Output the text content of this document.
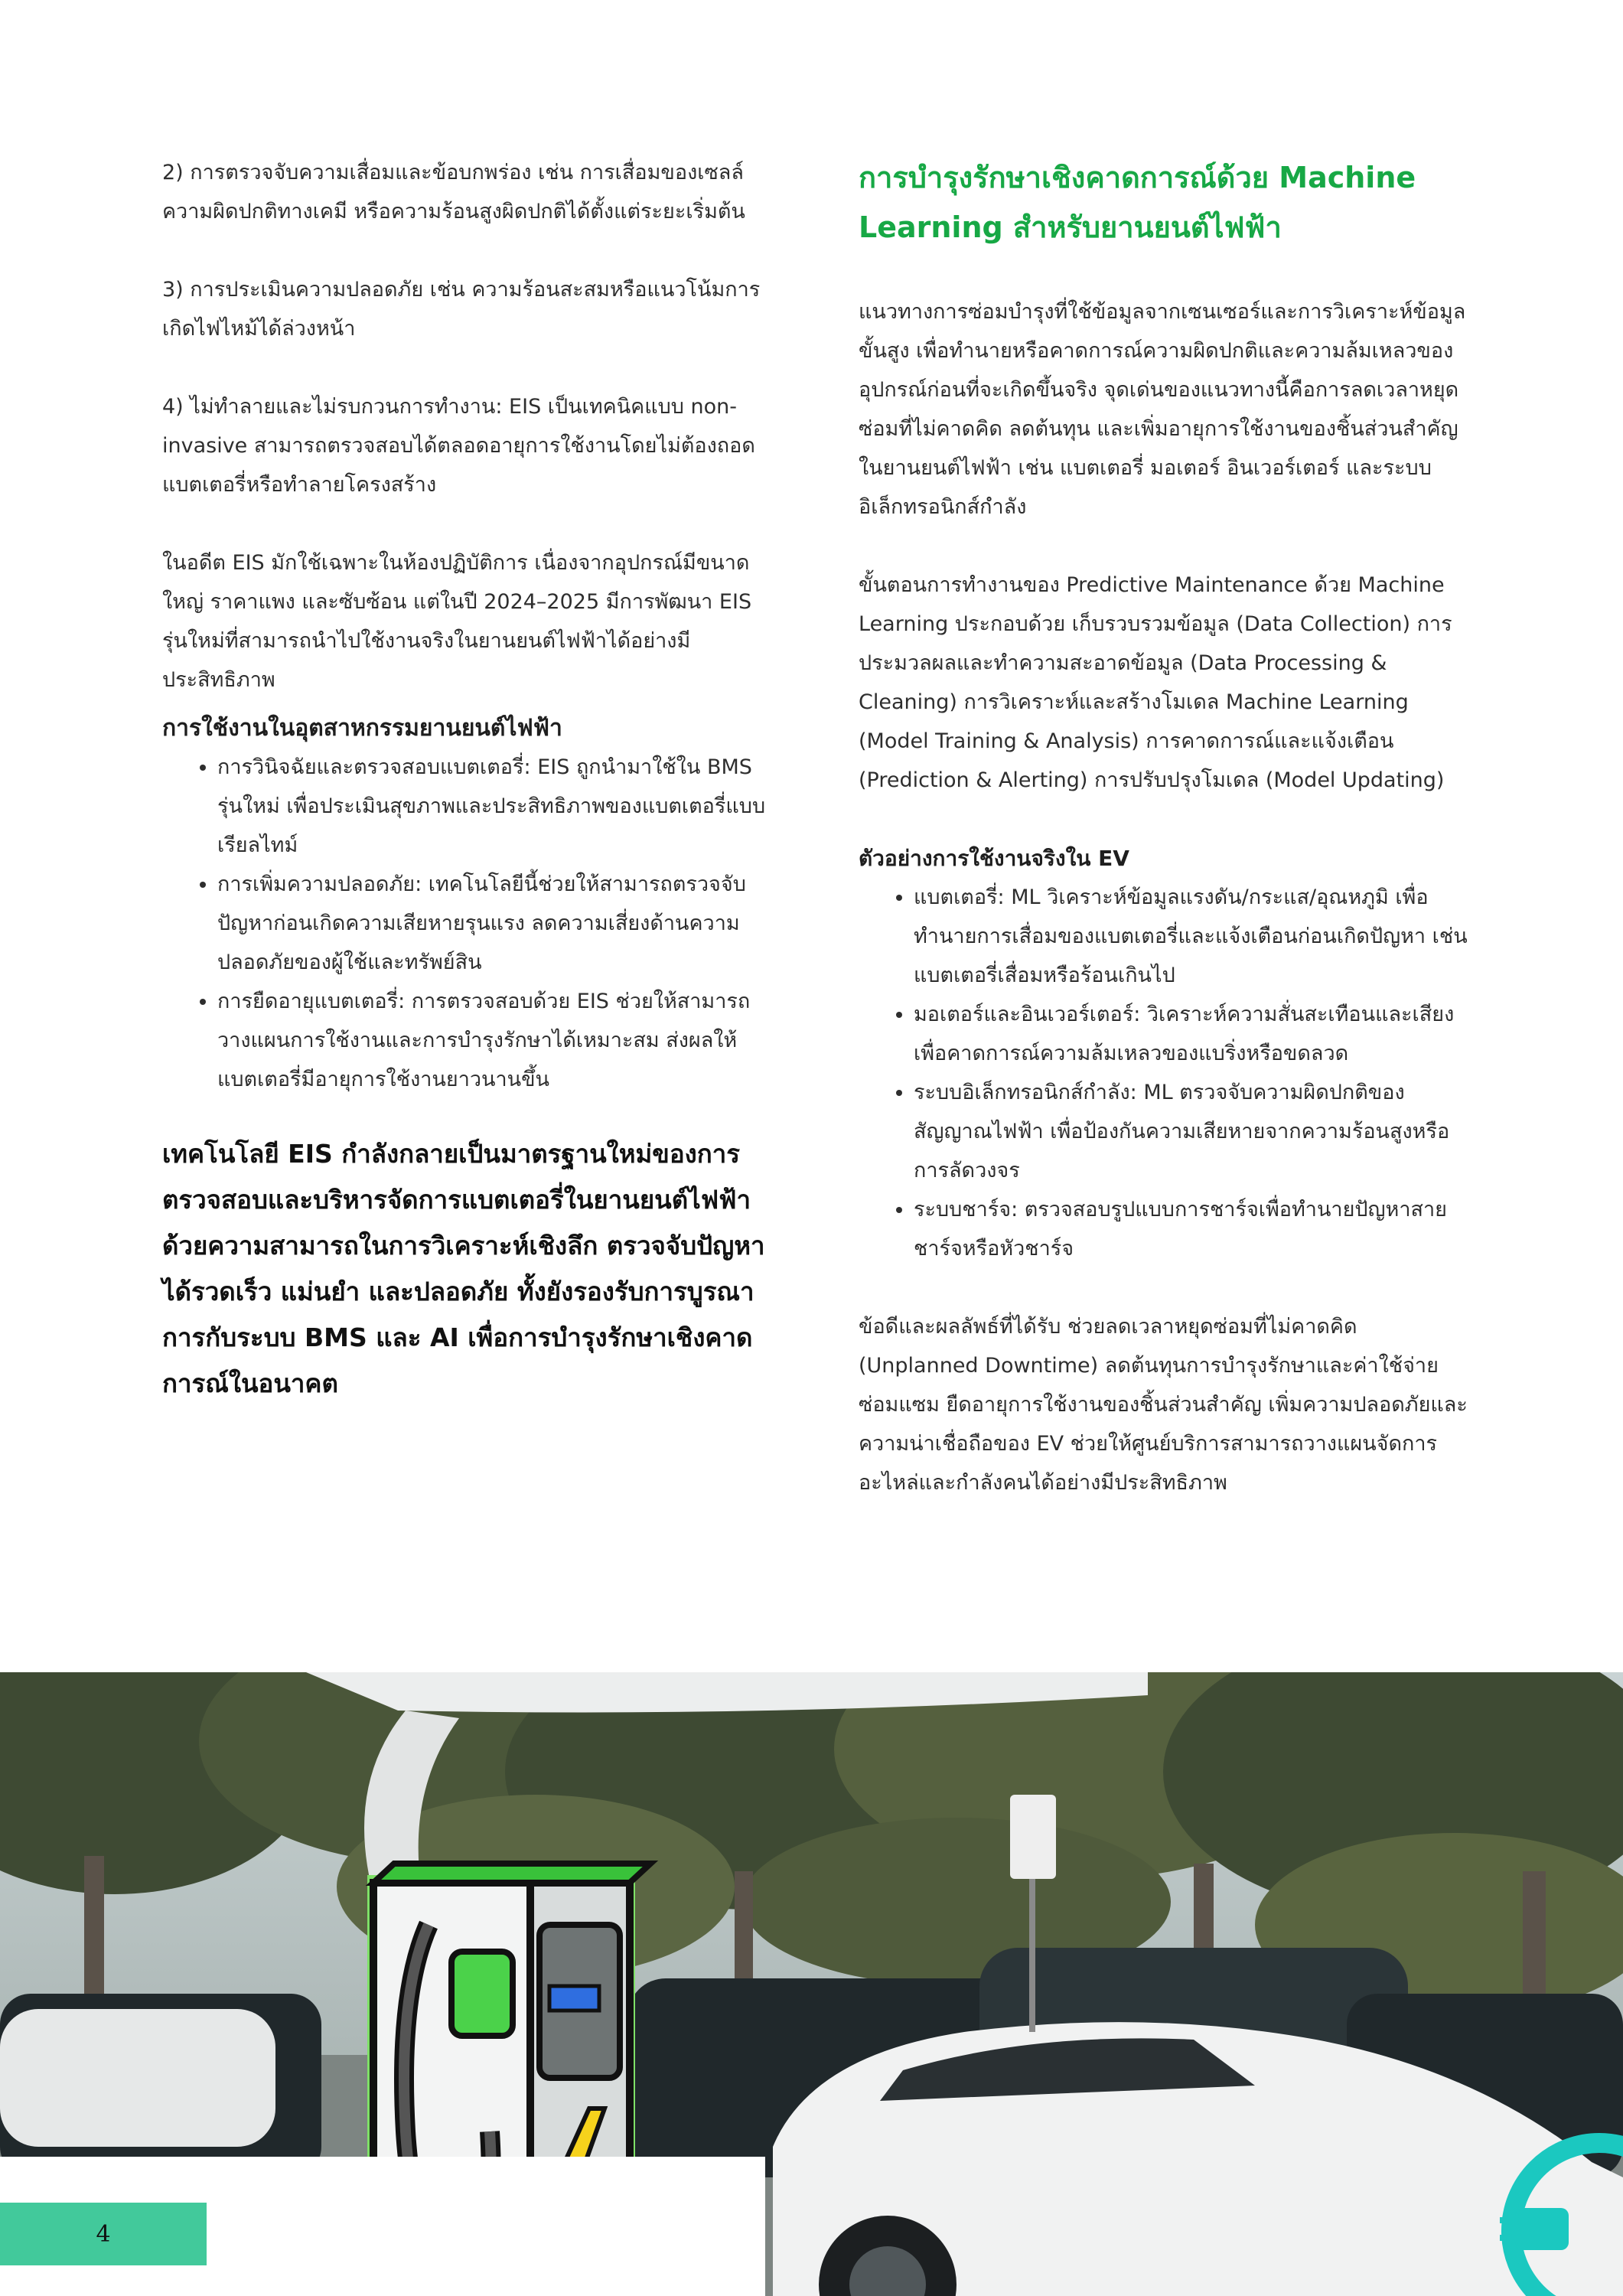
2) การตรวจจับความเสื่อมและข้อบกพร่อง เช่น การเสื่อมของเซลล์ ความผิดปกติทางเคมี หรือความร้อนสูงผิดปกติได้ตั้งแต่ระยะเริ่มต้น

3) การประเมินความปลอดภัย เช่น ความร้อนสะสมหรือแนวโน้มการเกิดไฟไหม้ได้ล่วงหน้า

4) ไม่ทำลายและไม่รบกวนการทำงาน: EIS เป็นเทคนิคแบบ non-invasive สามารถตรวจสอบได้ตลอดอายุการใช้งานโดยไม่ต้องถอดแบตเตอรี่หรือทำลายโครงสร้าง

ในอดีต EIS มักใช้เฉพาะในห้องปฏิบัติการ เนื่องจากอุปกรณ์มีขนาดใหญ่ ราคาแพง และซับซ้อน แต่ในปี 2024–2025 มีการพัฒนา EIS รุ่นใหม่ที่สามารถนำไปใช้งานจริงในยานยนต์ไฟฟ้าได้อย่างมีประสิทธิภาพ

การใช้งานในอุตสาหกรรมยานยนต์ไฟฟ้า
• การวินิจฉัยและตรวจสอบแบตเตอรี่: EIS ถูกนำมาใช้ใน BMS รุ่นใหม่ เพื่อประเมินสุขภาพและประสิทธิภาพของแบตเตอรี่แบบเรียลไทม์
• การเพิ่มความปลอดภัย: เทคโนโลยีนี้ช่วยให้สามารถตรวจจับปัญหาก่อนเกิดความเสียหายรุนแรง ลดความเสี่ยงด้านความปลอดภัยของผู้ใช้และทรัพย์สิน
• การยืดอายุแบตเตอรี่: การตรวจสอบด้วย EIS ช่วยให้สามารถวางแผนการใช้งานและการบำรุงรักษาได้เหมาะสม ส่งผลให้แบตเตอรี่มีอายุการใช้งานยาวนานขึ้น

เทคโนโลยี EIS กำลังกลายเป็นมาตรฐานใหม่ของการตรวจสอบและบริหารจัดการแบตเตอรี่ในยานยนต์ไฟฟ้า ด้วยความสามารถในการวิเคราะห์เชิงลึก ตรวจจับปัญหาได้รวดเร็ว แม่นยำ และปลอดภัย ทั้งยังรองรับการบูรณาการกับระบบ BMS และ AI เพื่อการบำรุงรักษาเชิงคาดการณ์ในอนาคต

การบำรุงรักษาเชิงคาดการณ์ด้วย Machine Learning สำหรับยานยนต์ไฟฟ้า

แนวทางการซ่อมบำรุงที่ใช้ข้อมูลจากเซนเซอร์และการวิเคราะห์ข้อมูลขั้นสูง เพื่อทำนายหรือคาดการณ์ความผิดปกติและความล้มเหลวของอุปกรณ์ก่อนที่จะเกิดขึ้นจริง จุดเด่นของแนวทางนี้คือการลดเวลาหยุดซ่อมที่ไม่คาดคิด ลดต้นทุน และเพิ่มอายุการใช้งานของชิ้นส่วนสำคัญในยานยนต์ไฟฟ้า เช่น แบตเตอรี่ มอเตอร์ อินเวอร์เตอร์ และระบบอิเล็กทรอนิกส์กำลัง

ขั้นตอนการทำงานของ Predictive Maintenance ด้วย Machine Learning ประกอบด้วย เก็บรวบรวมข้อมูล (Data Collection) การประมวลผลและทำความสะอาดข้อมูล (Data Processing & Cleaning) การวิเคราะห์และสร้างโมเดล Machine Learning (Model Training & Analysis) การคาดการณ์และแจ้งเตือน (Prediction & Alerting) การปรับปรุงโมเดล (Model Updating)

ตัวอย่างการใช้งานจริงใน EV
• แบตเตอรี่: ML วิเคราะห์ข้อมูลแรงดัน/กระแส/อุณหภูมิ เพื่อทำนายการเสื่อมของแบตเตอรี่และแจ้งเตือนก่อนเกิดปัญหา เช่น แบตเตอรี่เสื่อมหรือร้อนเกินไป
• มอเตอร์และอินเวอร์เตอร์: วิเคราะห์ความสั่นสะเทือนและเสียง เพื่อคาดการณ์ความล้มเหลวของแบริ่งหรือขดลวด
• ระบบอิเล็กทรอนิกส์กำลัง: ML ตรวจจับความผิดปกติของสัญญาณไฟฟ้า เพื่อป้องกันความเสียหายจากความร้อนสูงหรือการลัดวงจร
• ระบบชาร์จ: ตรวจสอบรูปแบบการชาร์จเพื่อทำนายปัญหาสายชาร์จหรือหัวชาร์จ

ข้อดีและผลลัพธ์ที่ได้รับ ช่วยลดเวลาหยุดซ่อมที่ไม่คาดคิด (Unplanned Downtime) ลดต้นทุนการบำรุงรักษาและค่าใช้จ่ายซ่อมแซม ยืดอายุการใช้งานของชิ้นส่วนสำคัญ เพิ่มความปลอดภัยและความน่าเชื่อถือของ EV ช่วยให้ศูนย์บริการสามารถวางแผนจัดการอะไหล่และกำลังคนได้อย่างมีประสิทธิภาพ

4
